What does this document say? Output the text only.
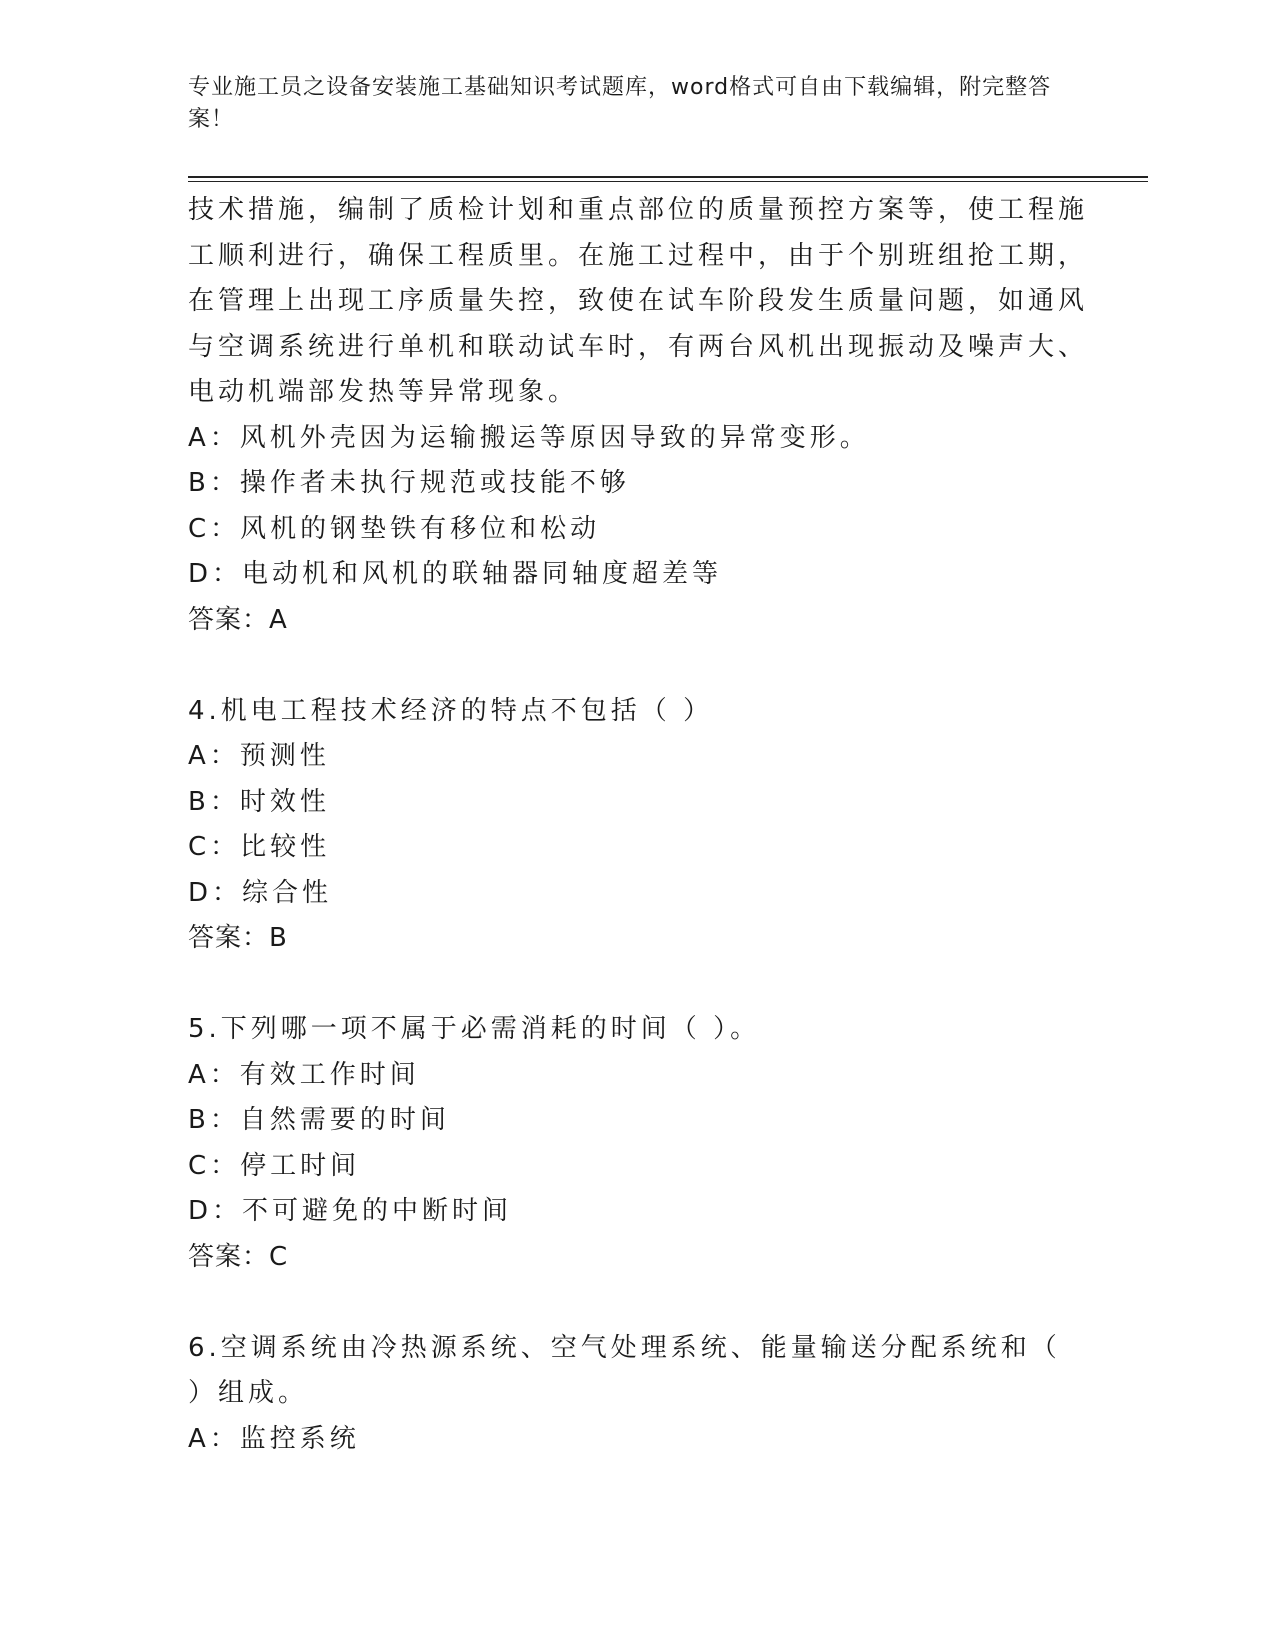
专业施工员之设备安装施工基础知识考试题库，word格式可自由下载编辑，附完整答案！
技术措施，编制了质检计划和重点部位的质量预控方案等，使工程施工顺利进行，确保工程质里。在施工过程中，由于个别班组抢工期，在管理上出现工序质量失控，致使在试车阶段发生质量问题，如通风与空调系统进行单机和联动试车时，有两台风机出现振动及噪声大、电动机端部发热等异常现象。
A：风机外壳因为运输搬运等原因导致的异常变形。
B：操作者未执行规范或技能不够
C：风机的钢垫铁有移位和松动
D：电动机和风机的联轴器同轴度超差等
答案：A
4.机电工程技术经济的特点不包括（ ）
A：预测性
B：时效性
C：比较性
D：综合性
答案：B
5.下列哪一项不属于必需消耗的时间（ ）。
A：有效工作时间
B：自然需要的时间
C：停工时间
D：不可避免的中断时间
答案：C
6.空调系统由冷热源系统、空气处理系统、能量输送分配系统和（ ）组成。
A：监控系统
